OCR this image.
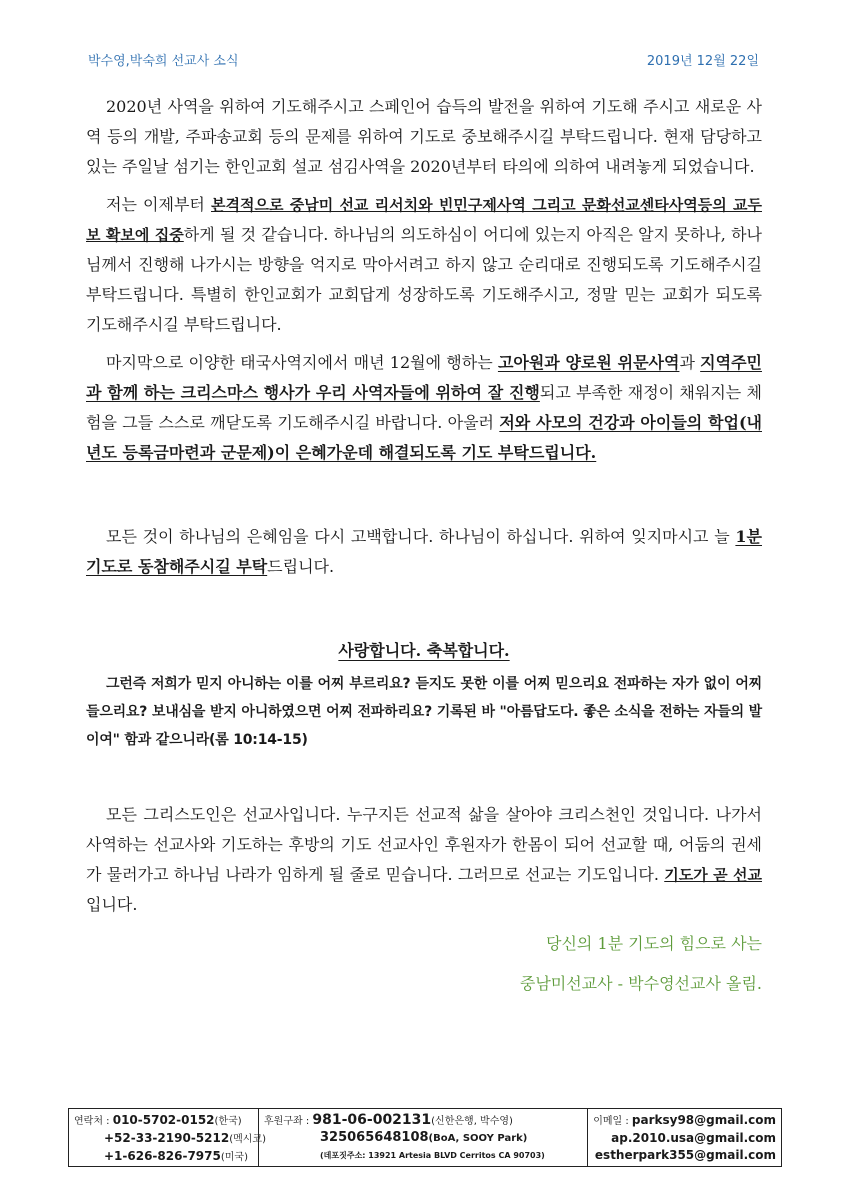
박수영,박숙희 선교사 소식	2019년 12월 22일

2020년 사역을 위하여 기도해주시고 스페인어 습득의 발전을 위하여 기도해 주시고 새로운 사역 등의 개발, 주파송교회 등의 문제를 위하여 기도로 중보해주시길 부탁드립니다. 현재 담당하고 있는 주일날 섬기는 한인교회 설교 섬김사역을 2020년부터 타의에 의하여 내려놓게 되었습니다.

저는 이제부터 본격적으로 중남미 선교 리서치와 빈민구제사역 그리고 문화선교센타사역등의 교두보 확보에 집중하게 될 것 같습니다. 하나님의 의도하심이 어디에 있는지 아직은 알지 못하나, 하나님께서 진행해 나가시는 방향을 억지로 막아서려고 하지 않고 순리대로 진행되도록 기도해주시길 부탁드립니다. 특별히 한인교회가 교회답게 성장하도록 기도해주시고, 정말 믿는 교회가 되도록 기도해주시길 부탁드립니다.

마지막으로 이양한 태국사역지에서 매년 12월에 행하는 고아원과 양로원 위문사역과 지역주민과 함께 하는 크리스마스 행사가 우리 사역자들에 위하여 잘 진행되고 부족한 재정이 채워지는 체험을 그들 스스로 깨닫도록 기도해주시길 바랍니다. 아울러 저와 사모의 건강과 아이들의 학업(내년도 등록금마련과 군문제)이 은혜가운데 해결되도록 기도 부탁드립니다.

모든 것이 하나님의 은혜임을 다시 고백합니다. 하나님이 하십니다. 위하여 잊지마시고 늘 1분 기도로 동참해주시길 부탁드립니다.

사랑합니다. 축복합니다.

그런즉 저희가 믿지 아니하는 이를 어찌 부르리요? 듣지도 못한 이를 어찌 믿으리요 전파하는 자가 없이 어찌 들으리요? 보내심을 받지 아니하였으면 어찌 전파하리요? 기록된 바 "아름답도다. 좋은 소식을 전하는 자들의 발이여" 함과 같으니라(롬 10:14-15)

모든 그리스도인은 선교사입니다. 누구지든 선교적 삶을 살아야 크리스천인 것입니다. 나가서 사역하는 선교사와 기도하는 후방의 기도 선교사인 후원자가 한몸이 되어 선교할 때, 어둠의 권세가 물러가고 하나님 나라가 임하게 될 줄로 믿습니다. 그러므로 선교는 기도입니다. 기도가 곧 선교입니다.

당신의 1분 기도의 힘으로 사는

중남미선교사 - 박수영선교사 올림.

연락처 : 010-5702-0152(한국)
+52-33-2190-5212(멕시코)
+1-626-826-7975(미국)
후원구좌 : 981-06-002131(신한은행, 박수영)
325065648108(BoA, SOOY Park)
(데포짓주소: 13921 Artesia BLVD Cerritos CA 90703)
이메일 : parksy98@gmail.com
ap.2010.usa@gmail.com
estherpark355@gmail.com
